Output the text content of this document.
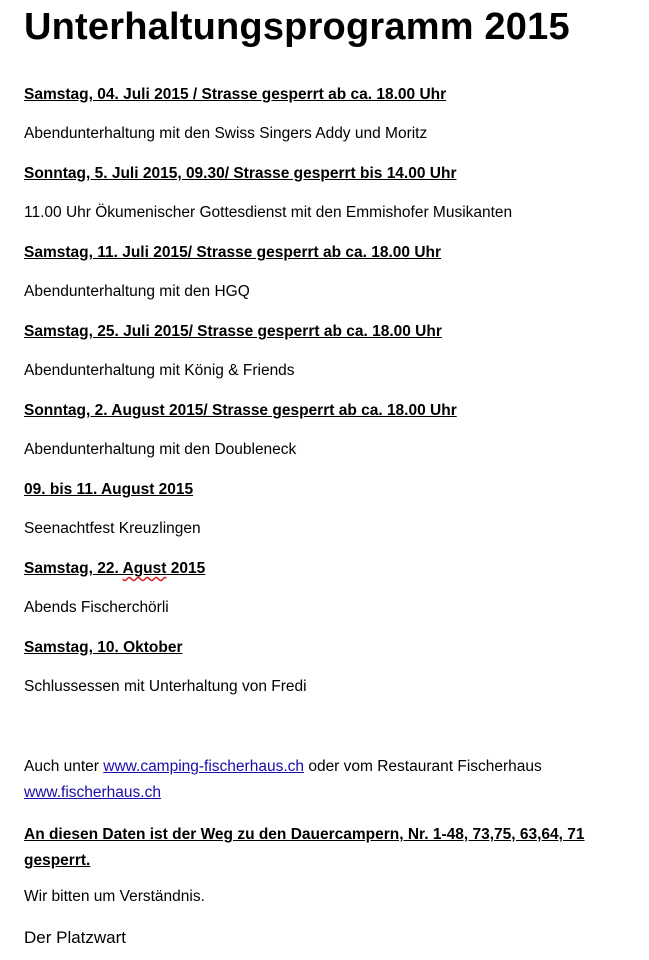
Unterhaltungsprogramm 2015
Samstag, 04. Juli 2015 / Strasse gesperrt ab ca. 18.00 Uhr
Abendunterhaltung mit den Swiss Singers Addy und Moritz
Sonntag, 5. Juli 2015, 09.30/ Strasse gesperrt bis 14.00 Uhr
11.00 Uhr Ökumenischer Gottesdienst mit den Emmishofer Musikanten
Samstag, 11. Juli 2015/ Strasse gesperrt ab ca. 18.00 Uhr
Abendunterhaltung mit den HGQ
Samstag, 25. Juli 2015/ Strasse gesperrt ab ca. 18.00 Uhr
Abendunterhaltung mit König & Friends
Sonntag, 2. August 2015/ Strasse gesperrt ab ca. 18.00 Uhr
Abendunterhaltung mit den Doubleneck
09. bis 11. August 2015
Seenachtfest Kreuzlingen
Samstag, 22. Agust 2015
Abends Fischerchörli
Samstag, 10. Oktober
Schlussessen mit Unterhaltung von Fredi
Auch unter www.camping-fischerhaus.ch oder vom Restaurant Fischerhaus
www.fischerhaus.ch
An diesen Daten ist der Weg zu den Dauercampern, Nr. 1-48, 73,75, 63,64, 71 gesperrt.
Wir bitten um Verständnis.
Der Platzwart
